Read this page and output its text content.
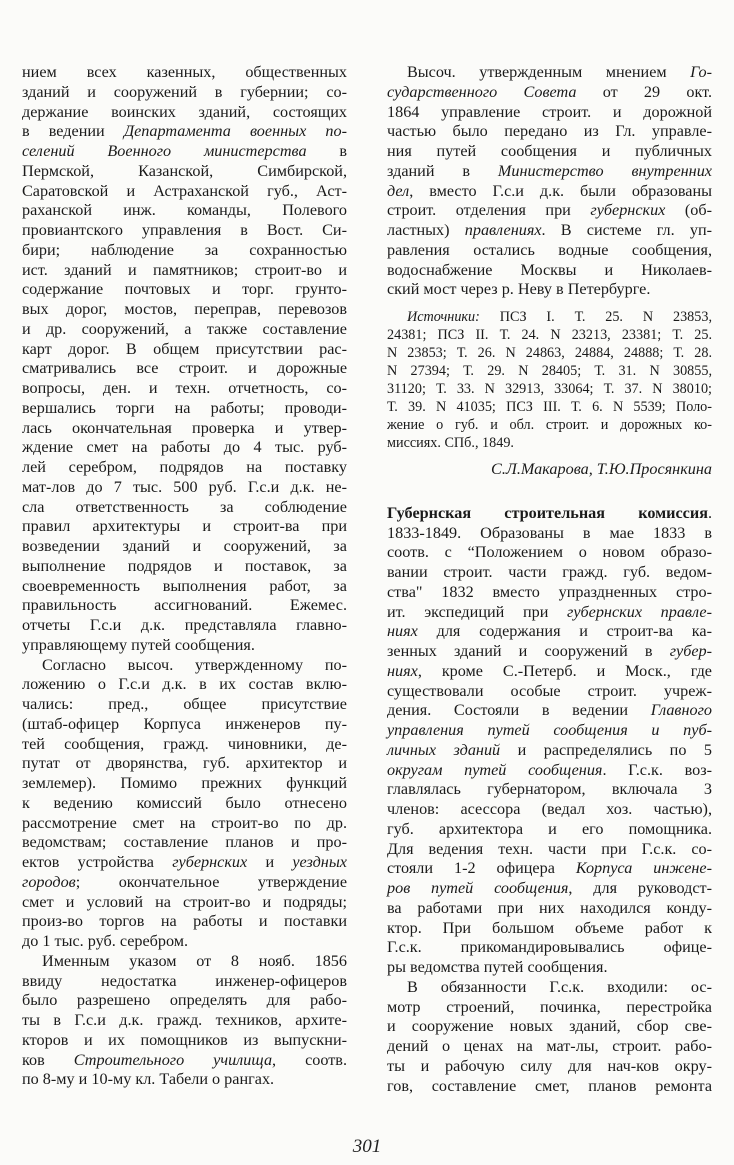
нием всех казенных, общественных
зданий и сооружений в губернии; со-
держание воинских зданий, состоящих
в ведении Департамента военных по-
селений Военного министерства в
Пермской, Казанской, Симбирской,
Саратовской и Астраханской губ., Аст-
раханской инж. команды, Полевого
провиантского управления в Вост. Си-
бири; наблюдение за сохранностью
ист. зданий и памятников; строит-во и
содержание почтовых и торг. грунто-
вых дорог, мостов, переправ, перевозов
и др. сооружений, а также составление
карт дорог. В общем присутствии рас-
сматривались все строит. и дорожные
вопросы, ден. и техн. отчетность, со-
вершались торги на работы; проводи-
лась окончательная проверка и утвер-
ждение смет на работы до 4 тыс. руб-
лей серебром, подрядов на поставку
мат-лов до 7 тыс. 500 руб. Г.с.и д.к. не-
сла ответственность за соблюдение
правил архитектуры и строит-ва при
возведении зданий и сооружений, за
выполнение подрядов и поставок, за
своевременность выполнения работ, за
правильность ассигнований. Ежемес.
отчеты Г.с.и д.к. представляла главно-
управляющему путей сообщения.
Согласно высоч. утвержденному по-
ложению о Г.с.и д.к. в их состав вклю-
чались: пред., общее присутствие
(штаб-офицер Корпуса инженеров пу-
тей сообщения, гражд. чиновники, де-
путат от дворянства, губ. архитектор и
землемер). Помимо прежних функций
к ведению комиссий было отнесено
рассмотрение смет на строит-во по др.
ведомствам; составление планов и про-
ектов устройства губернских и уездных
городов; окончательное утверждение
смет и условий на строит-во и подряды;
произ-во торгов на работы и поставки
до 1 тыс. руб. серебром.
Именным указом от 8 нояб. 1856
ввиду недостатка инженер-офицеров
было разрешено определять для рабо-
ты в Г.с.и д.к. гражд. техников, архите-
кторов и их помощников из выпускни-
ков Строительного училища, соотв.
по 8-му и 10-му кл. Табели о рангах.
Высоч. утвержденным мнением Го-
сударственного Совета от 29 окт.
1864 управление строит. и дорожной
частью было передано из Гл. управле-
ния путей сообщения и публичных
зданий в Министерство внутренних
дел, вместо Г.с.и д.к. были образованы
строит. отделения при губернских (об-
ластных) правлениях. В системе гл. уп-
равления остались водные сообщения,
водоснабжение Москвы и Николаев-
ский мост через р. Неву в Петербурге.
Источники: ПСЗ I. Т. 25. N 23853,
24381; ПСЗ II. Т. 24. N 23213, 23381; Т. 25.
N 23853; Т. 26. N 24863, 24884, 24888; Т. 28.
N 27394; Т. 29. N 28405; Т. 31. N 30855,
31120; Т. 33. N 32913, 33064; Т. 37. N 38010;
Т. 39. N 41035; ПСЗ III. Т. 6. N 5539; Поло-
жение о губ. и обл. строит. и дорожных ко-
миссиях. СПб., 1849.
С.Л.Макарова, Т.Ю.Просянкина
Губернская строительная комиссия.
1833-1849. Образованы в мае 1833 в
соотв. с “Положением о новом образо-
вании строит. части гражд. губ. ведом-
ства" 1832 вместо упраздненных стро-
ит. экспедиций при губернских правле-
ниях для содержания и строит-ва ка-
зенных зданий и сооружений в губер-
ниях, кроме С.-Петерб. и Моск., где
существовали особые строит. учреж-
дения. Состояли в ведении Главного
управления путей сообщения и пуб-
личных зданий и распределялись по 5
округам путей сообщения. Г.с.к. воз-
главлялась губернатором, включала 3
членов: асессора (ведал хоз. частью),
губ. архитектора и его помощника.
Для ведения техн. части при Г.с.к. со-
стояли 1-2 офицера Корпуса инжене-
ров путей сообщения, для руководст-
ва работами при них находился конду-
ктор. При большом объеме работ к
Г.с.к. прикомандировывались офице-
ры ведомства путей сообщения.
В обязанности Г.с.к. входили: ос-
мотр строений, починка, перестройка
и сооружение новых зданий, сбор све-
дений о ценах на мат-лы, строит. рабо-
ты и рабочую силу для нач-ков окру-
гов, составление смет, планов ремонта
301
